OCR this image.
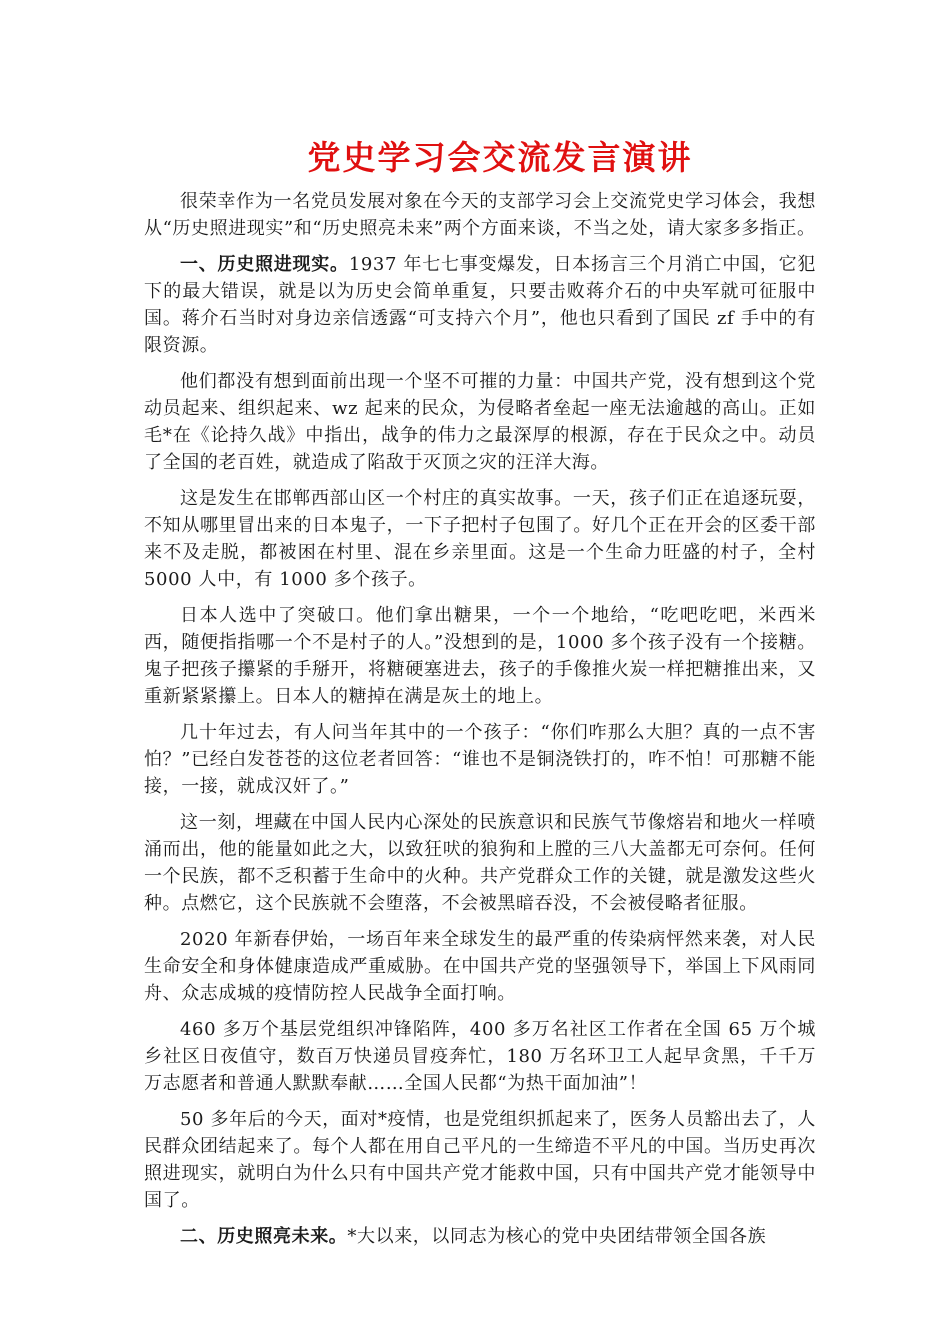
党史学习会交流发言演讲

很荣幸作为一名党员发展对象在今天的支部学习会上交流党史学习体会，我想从“历史照进现实”和“历史照亮未来”两个方面来谈，不当之处，请大家多多指正。

一、历史照进现实。1937 年七七事变爆发，日本扬言三个月消亡中国，它犯下的最大错误，就是以为历史会简单重复，只要击败蒋介石的中央军就可征服中国。蒋介石当时对身边亲信透露“可支持六个月”，他也只看到了国民 zf 手中的有限资源。

他们都没有想到面前出现一个坚不可摧的力量：中国共产党，没有想到这个党动员起来、组织起来、wz 起来的民众，为侵略者垒起一座无法逾越的高山。正如毛*在《论持久战》中指出，战争的伟力之最深厚的根源，存在于民众之中。动员了全国的老百姓，就造成了陷敌于灭顶之灾的汪洋大海。

这是发生在邯郸西部山区一个村庄的真实故事。一天，孩子们正在追逐玩耍，不知从哪里冒出来的日本鬼子，一下子把村子包围了。好几个正在开会的区委干部来不及走脱，都被困在村里、混在乡亲里面。这是一个生命力旺盛的村子，全村 5000 人中，有 1000 多个孩子。

日本人选中了突破口。他们拿出糖果，一个一个地给，“吃吧吃吧，米西米西，随便指指哪一个不是村子的人。”没想到的是，1000 多个孩子没有一个接糖。鬼子把孩子攥紧的手掰开，将糖硬塞进去，孩子的手像推火炭一样把糖推出来，又重新紧紧攥上。日本人的糖掉在满是灰土的地上。

几十年过去，有人问当年其中的一个孩子：“你们咋那么大胆？真的一点不害怕？”已经白发苍苍的这位老者回答：“谁也不是铜浇铁打的，咋不怕！可那糖不能接，一接，就成汉奸了。”

这一刻，埋藏在中国人民内心深处的民族意识和民族气节像熔岩和地火一样喷涌而出，他的能量如此之大，以致狂吠的狼狗和上膛的三八大盖都无可奈何。任何一个民族，都不乏积蓄于生命中的火种。共产党群众工作的关键，就是激发这些火种。点燃它，这个民族就不会堕落，不会被黑暗吞没，不会被侵略者征服。

2020 年新春伊始，一场百年来全球发生的最严重的传染病怦然来袭，对人民生命安全和身体健康造成严重威胁。在中国共产党的坚强领导下，举国上下风雨同舟、众志成城的疫情防控人民战争全面打响。

460 多万个基层党组织冲锋陷阵，400 多万名社区工作者在全国 65 万个城乡社区日夜值守，数百万快递员冒疫奔忙，180 万名环卫工人起早贪黑，千千万万志愿者和普通人默默奉献……全国人民都“为热干面加油”！

50 多年后的今天，面对*疫情，也是党组织抓起来了，医务人员豁出去了，人民群众团结起来了。每个人都在用自己平凡的一生缔造不平凡的中国。当历史再次照进现实，就明白为什么只有中国共产党才能救中国，只有中国共产党才能领导中国了。

二、历史照亮未来。*大以来，以同志为核心的党中央团结带领全国各族
